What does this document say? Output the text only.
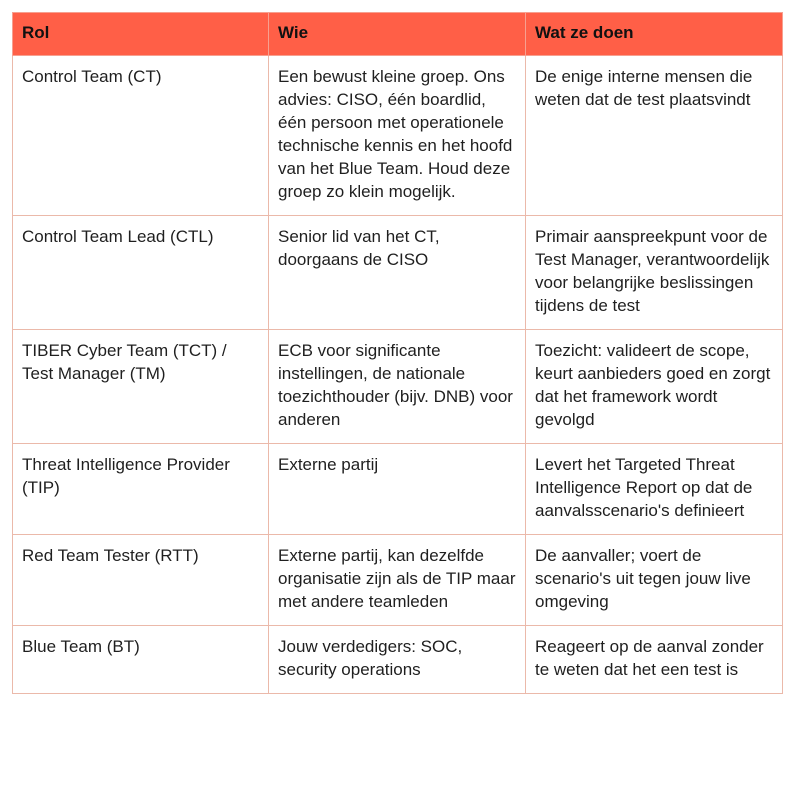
Rol	Wie	Wat ze doen
Control Team (CT)	Een bewust kleine groep. Ons advies: CISO, één boardlid, één persoon met operationele technische kennis en het hoofd van het Blue Team. Houd deze groep zo klein mogelijk.	De enige interne mensen die weten dat de test plaatsvindt
Control Team Lead (CTL)	Senior lid van het CT, doorgaans de CISO	Primair aanspreekpunt voor de Test Manager, verantwoordelijk voor belangrijke beslissingen tijdens de test
TIBER Cyber Team (TCT) / Test Manager (TM)	ECB voor significante instellingen, de nationale toezichthouder (bijv. DNB) voor anderen	Toezicht: valideert de scope, keurt aanbieders goed en zorgt dat het framework wordt gevolgd
Threat Intelligence Provider (TIP)	Externe partij	Levert het Targeted Threat Intelligence Report op dat de aanvalsscenario's definieert
Red Team Tester (RTT)	Externe partij, kan dezelfde organisatie zijn als de TIP maar met andere teamleden	De aanvaller; voert de scenario's uit tegen jouw live omgeving
Blue Team (BT)	Jouw verdedigers: SOC, security operations	Reageert op de aanval zonder te weten dat het een test is
